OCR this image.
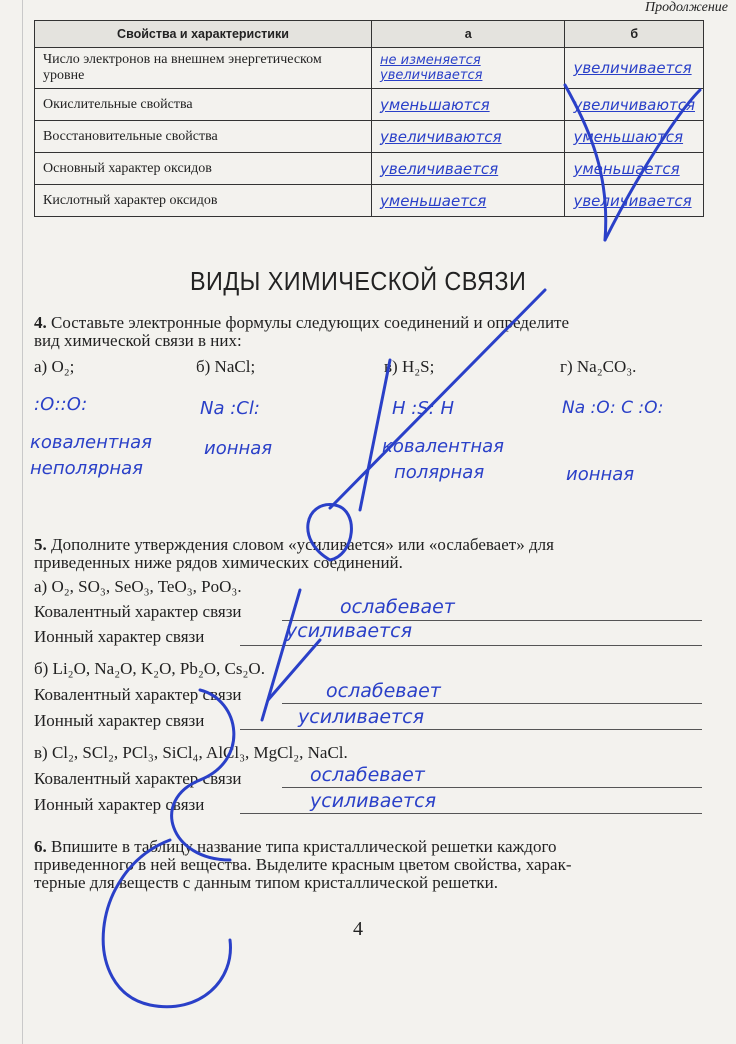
Продолжение
Свойства и характеристики	а	б
Число электронов на внешнем энергетическом уровне	не изменяется увеличивается	увеличивается
Окислительные свойства	уменьшаются	увеличиваются
Восстановительные свойства	увеличиваются	уменьшаются
Основный характер оксидов	увеличивается	уменьшается
Кислотный характер оксидов	уменьшается	увеличивается
ВИДЫ ХИМИЧЕСКОЙ СВЯЗИ
4. Составьте электронные формулы следующих соединений и определите
вид химической связи в них:
а) O₂;	б) NaCl;	в) H₂S;	г) Na₂CO₃.
:O::O:
ковалентная
неполярная
Na :Cl:
ионная
H :S: H
ковалентная
полярная
Na :O: C :O:
ионная
5. Дополните утверждения словом «усиливается» или «ослабевает» для
приведенных ниже рядов химических соединений.
а) O₂, SO₃, SeO₃, TeO₃, PoO₃.
Ковалентный характер связи	ослабевает
Ионный характер связи	усиливается
б) Li₂O, Na₂O, K₂O, Pb₂O, Cs₂O.
Ковалентный характер связи	ослабевает
Ионный характер связи	усиливается
в) Cl₂, SCl₂, PCl₃, SiCl₄, AlCl₃, MgCl₂, NaCl.
Ковалентный характер связи	ослабевает
Ионный характер связи	усиливается
6. Впишите в таблицу название типа кристаллической решетки каждого
приведенного в ней вещества. Выделите красным цветом свойства, харак-
терные для веществ с данным типом кристаллической решетки.
4
